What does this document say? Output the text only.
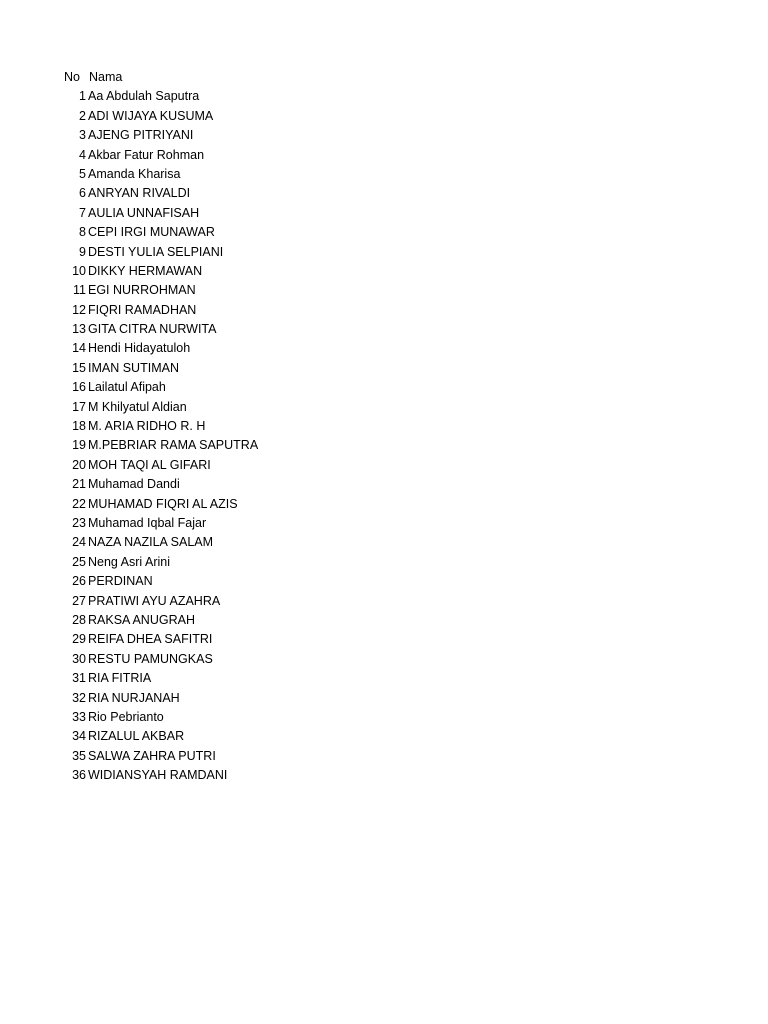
No Nama
1 Aa Abdulah Saputra
2 ADI WIJAYA KUSUMA
3 AJENG PITRIYANI
4 Akbar Fatur Rohman
5 Amanda Kharisa
6 ANRYAN RIVALDI
7 AULIA UNNAFISAH
8 CEPI IRGI MUNAWAR
9 DESTI YULIA SELPIANI
10 DIKKY HERMAWAN
11 EGI NURROHMAN
12 FIQRI RAMADHAN
13 GITA CITRA NURWITA
14 Hendi Hidayatuloh
15 IMAN SUTIMAN
16 Lailatul Afipah
17 M Khilyatul Aldian
18 M. ARIA RIDHO R. H
19 M.PEBRIAR RAMA SAPUTRA
20 MOH TAQI AL GIFARI
21 Muhamad Dandi
22 MUHAMAD FIQRI AL AZIS
23 Muhamad Iqbal Fajar
24 NAZA NAZILA SALAM
25 Neng Asri Arini
26 PERDINAN
27 PRATIWI AYU AZAHRA
28 RAKSA ANUGRAH
29 REIFA DHEA SAFITRI
30 RESTU PAMUNGKAS
31 RIA FITRIA
32 RIA NURJANAH
33 Rio Pebrianto
34 RIZALUL AKBAR
35 SALWA ZAHRA PUTRI
36 WIDIANSYAH RAMDANI
